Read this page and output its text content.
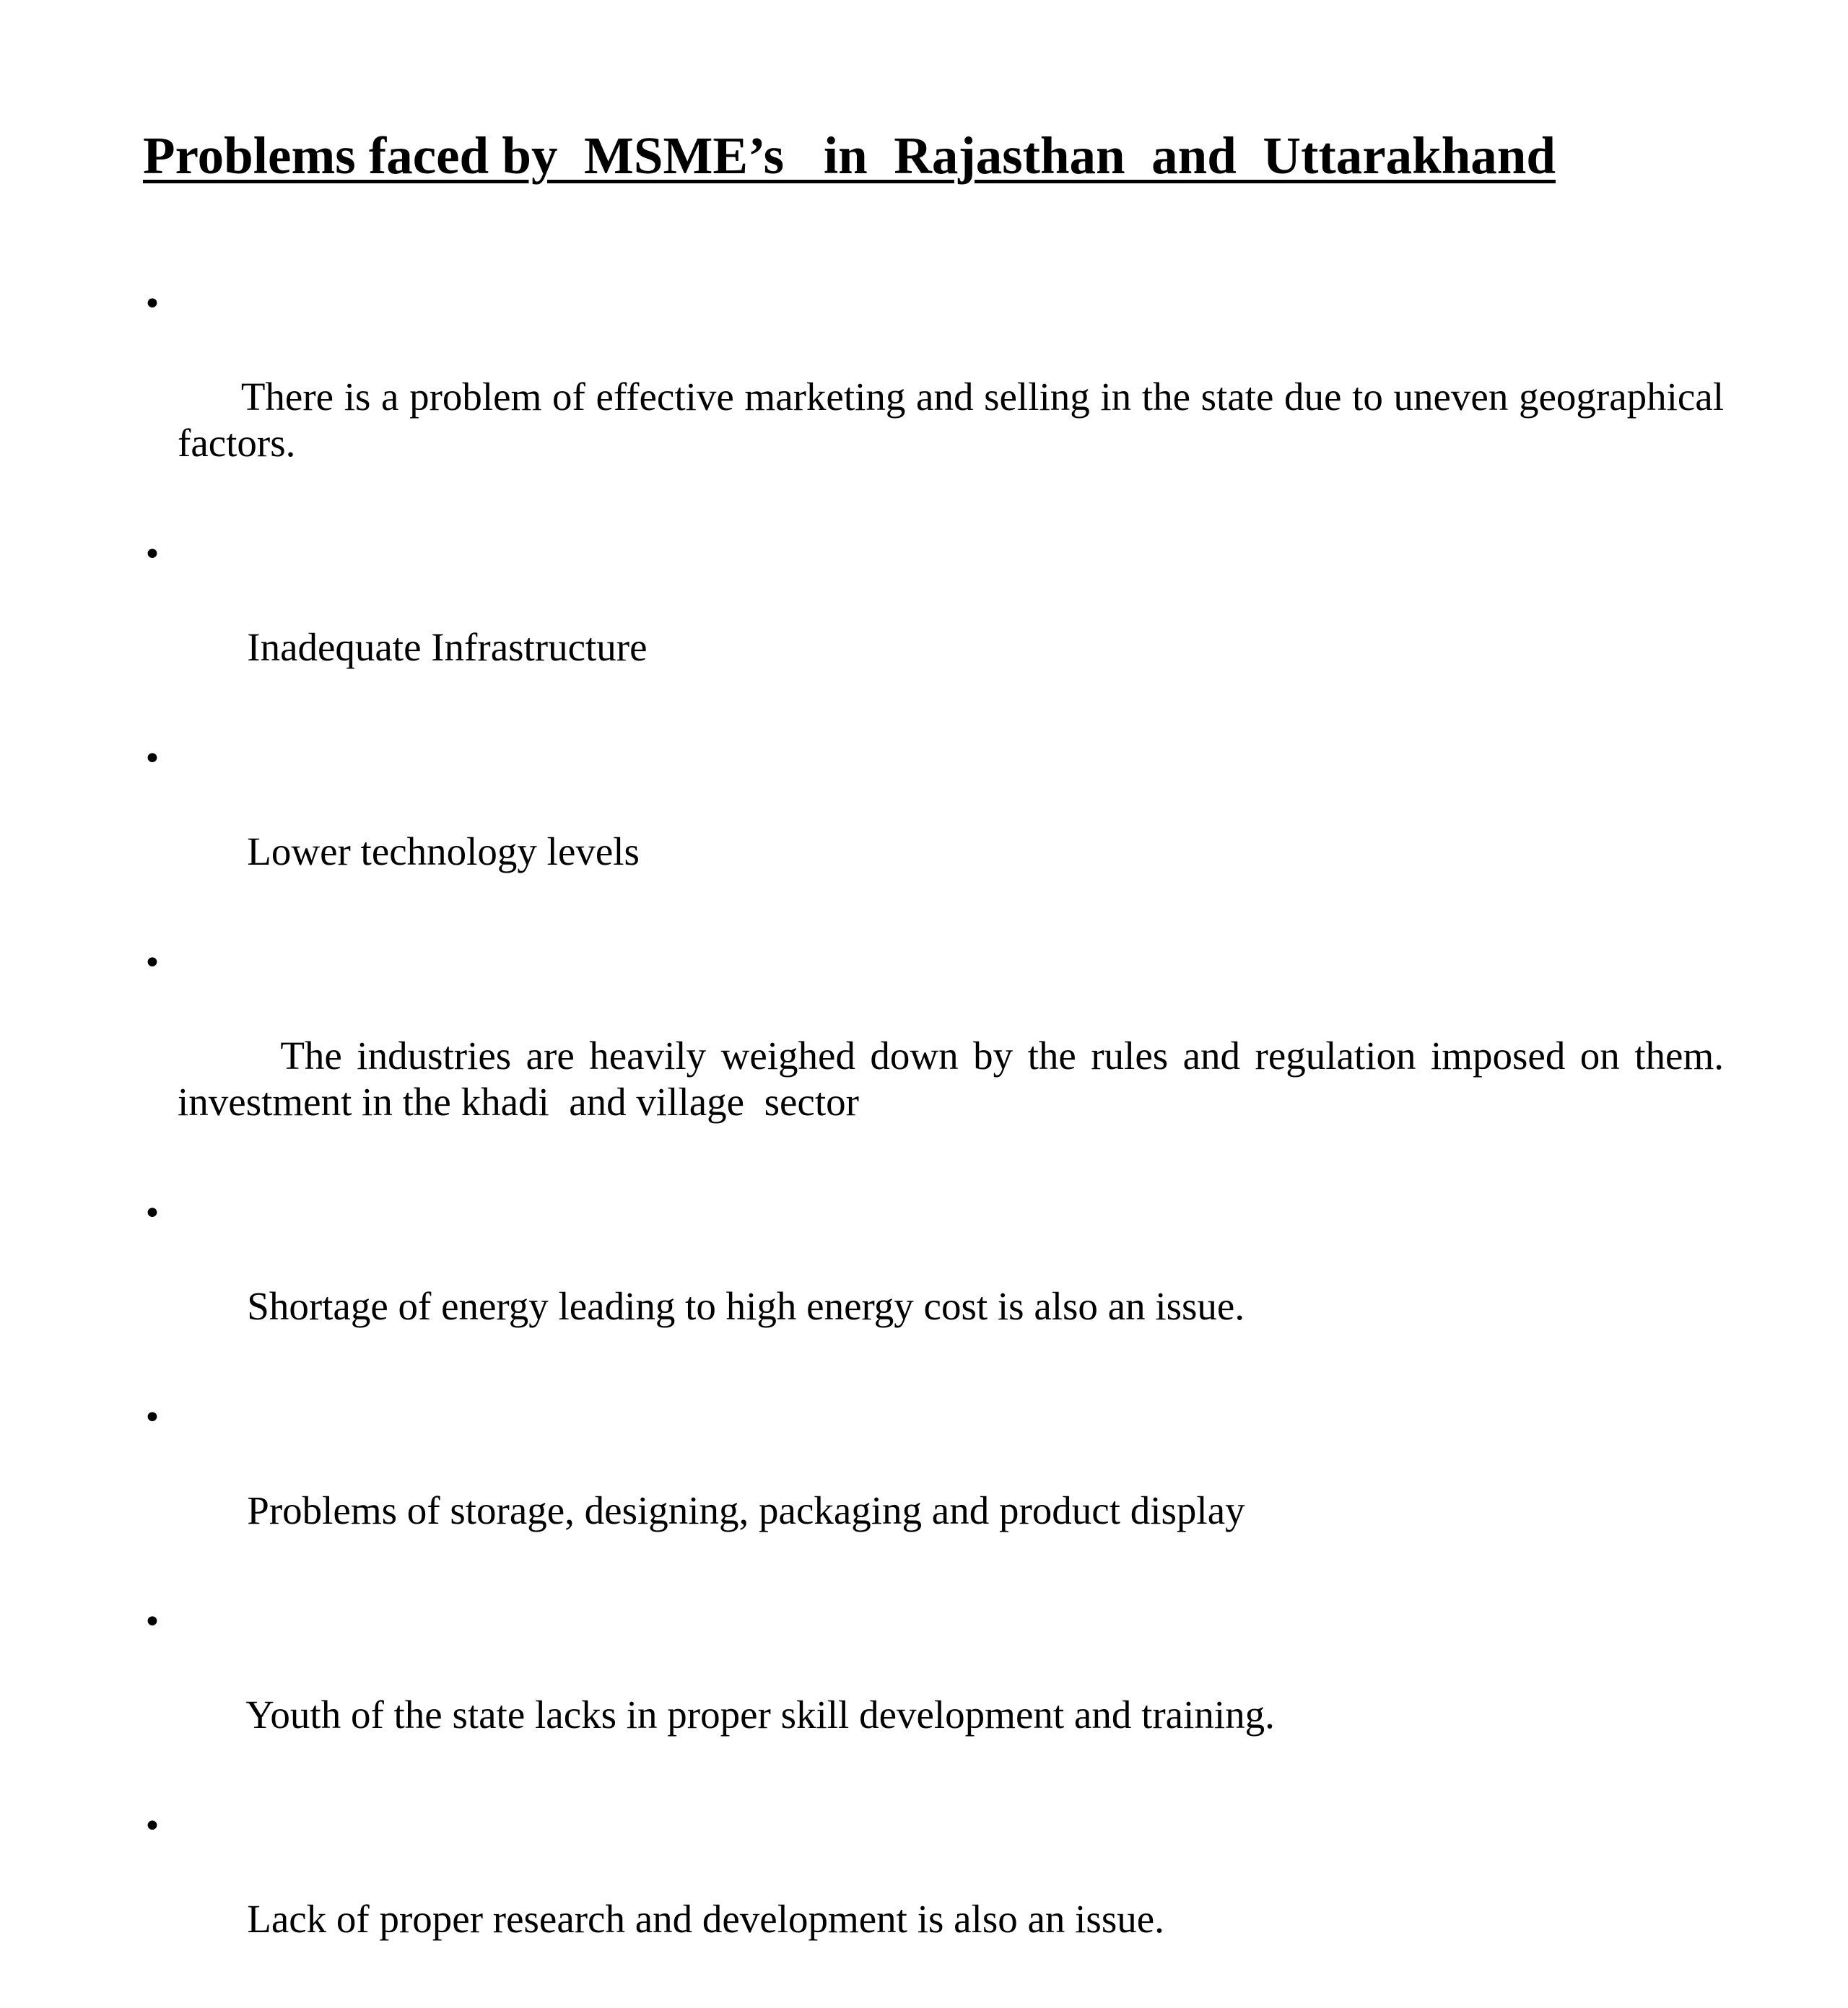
Problems faced by  MSME’s   in  Rajasthan  and  Uttarakhand

•

There is a problem of effective marketing and selling in the state due to uneven geographical factors.

•

Inadequate Infrastructure

•

Lower technology levels

•

The industries are heavily weighed down by the rules and regulation imposed on them. investment in the khadi  and village  sector

•

Shortage of energy leading to high energy cost is also an issue.

•

Problems of storage, designing, packaging and product display

•

Youth of the state lacks in proper skill development and training.

•

Lack of proper research and development is also an issue.
